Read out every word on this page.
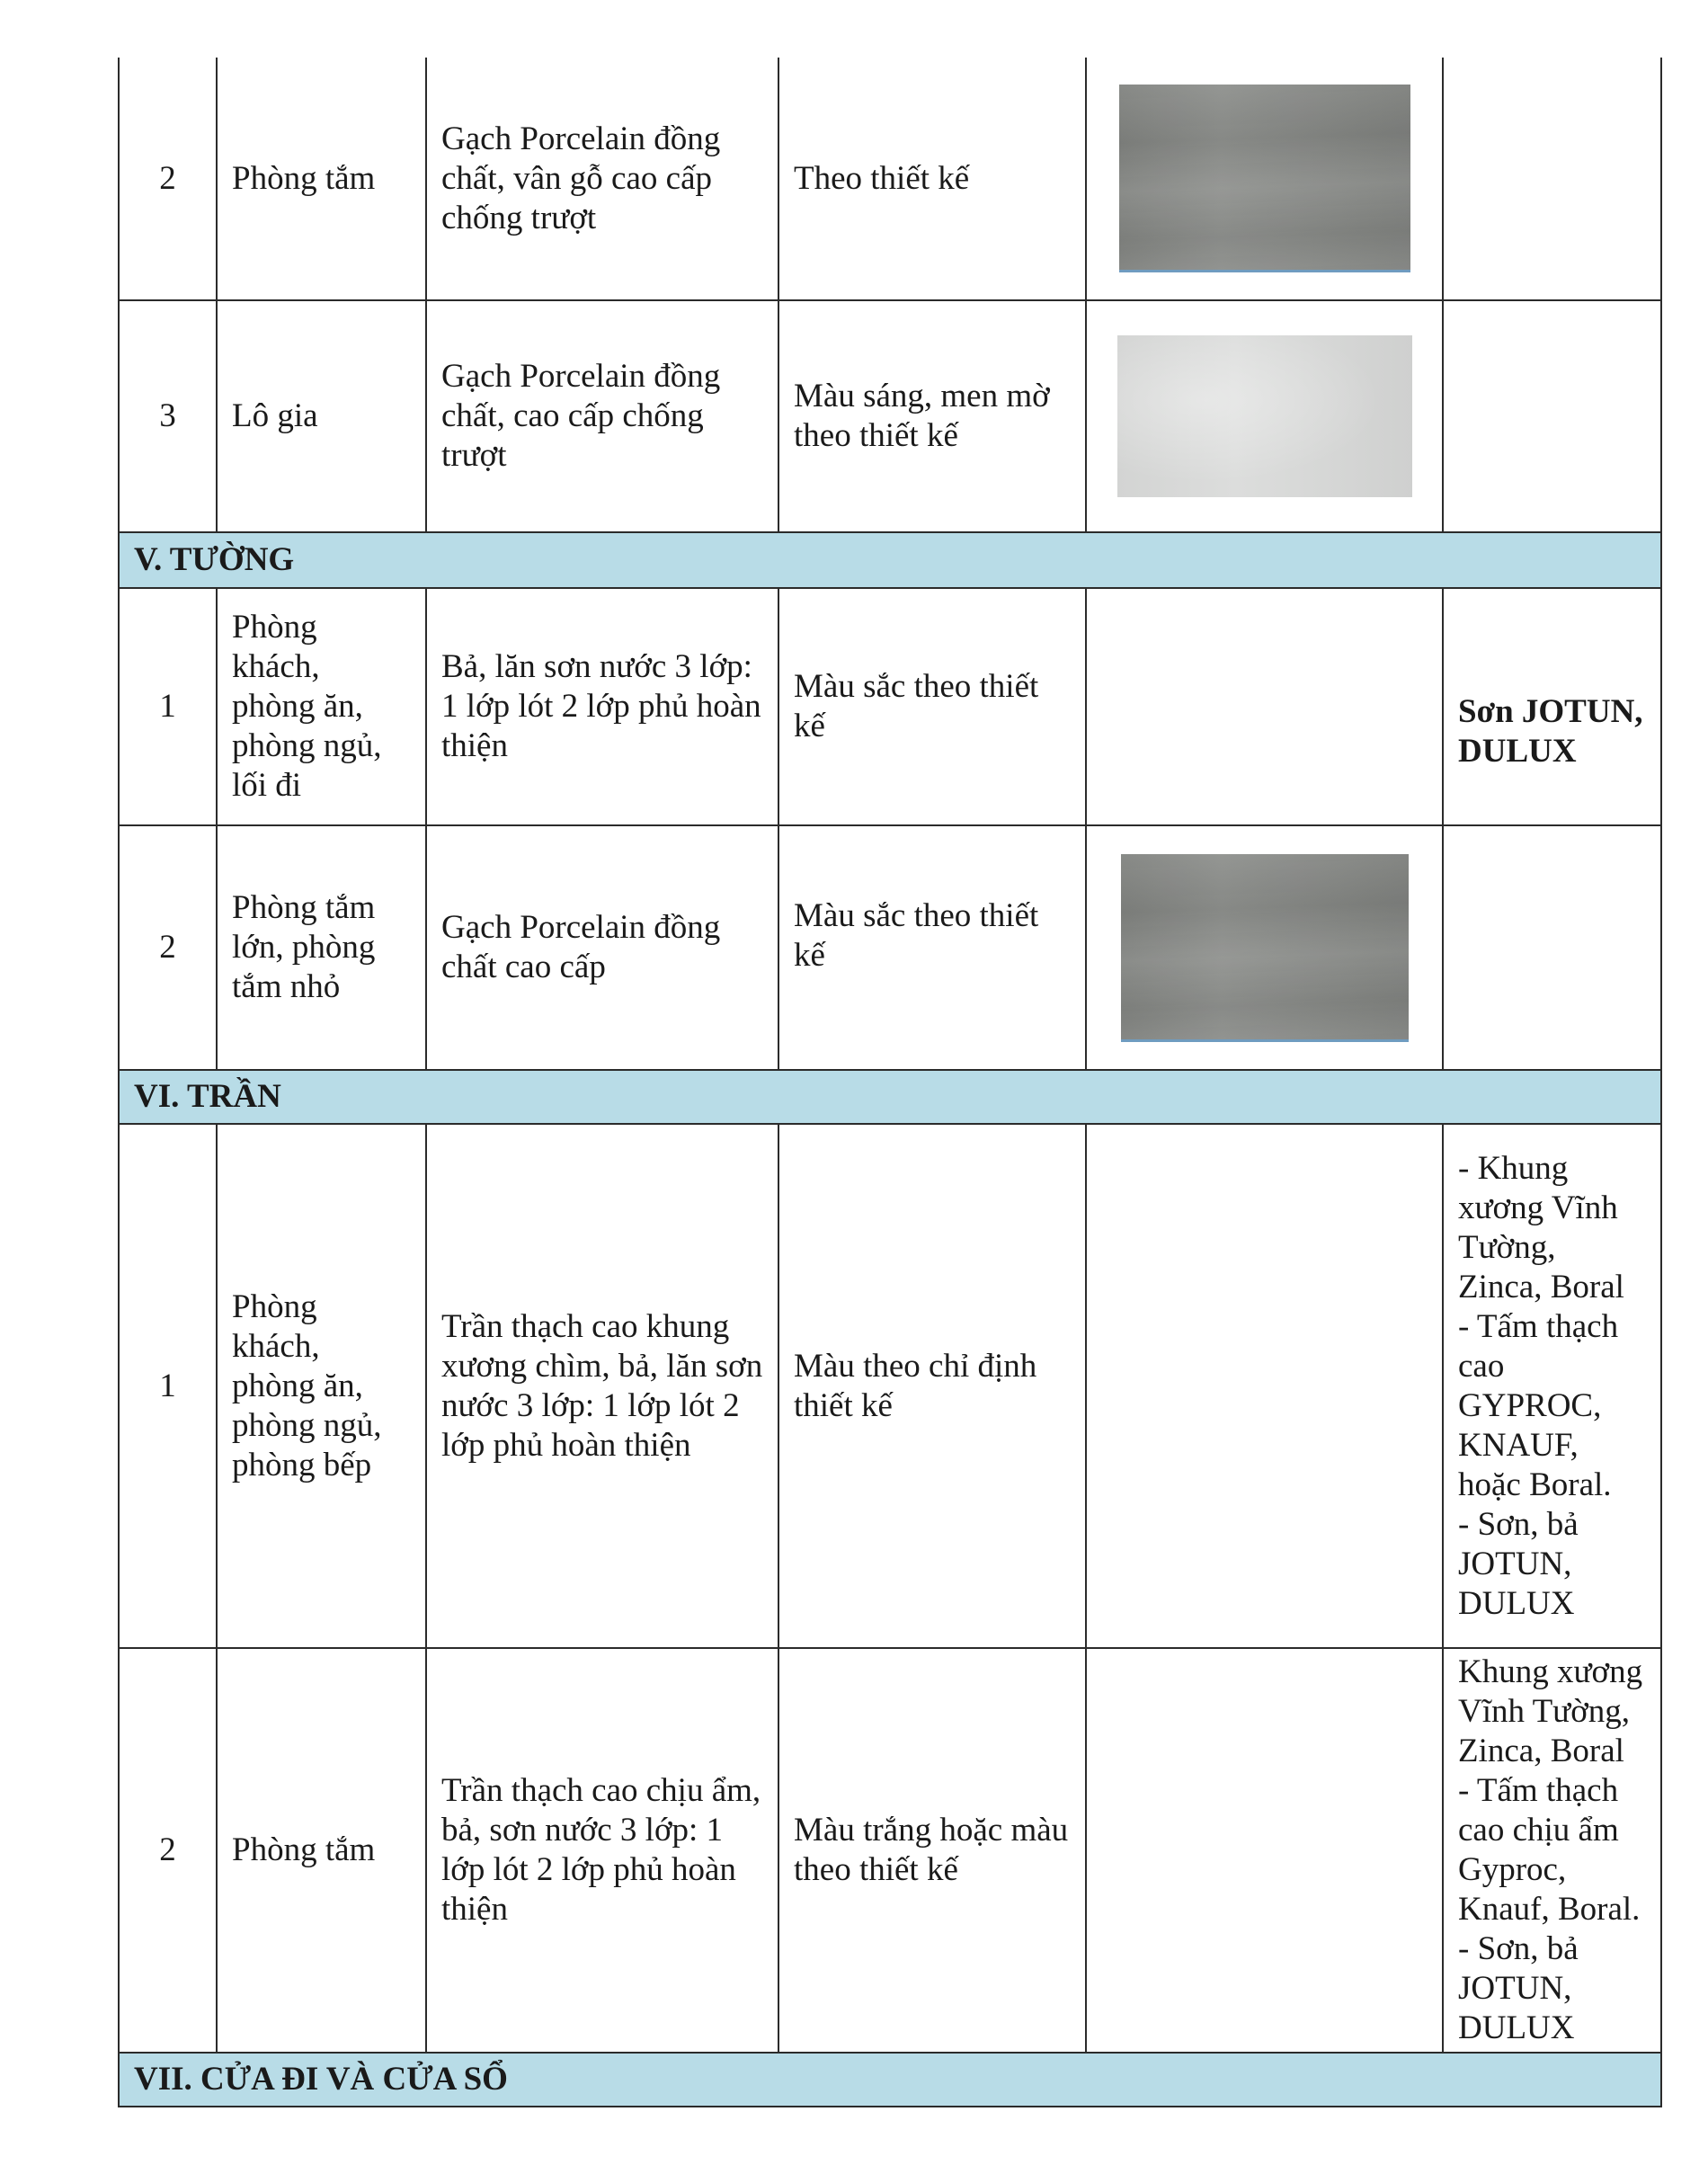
2	Phòng tắm	Gạch Porcelain đồng chất, vân gỗ cao cấp chống trượt	Theo thiết kế		
3	Lô gia	Gạch Porcelain đồng chất, cao cấp chống trượt	Màu sáng, men mờ theo thiết kế		
V. TƯỜNG					
1	Phòng khách, phòng ăn, phòng ngủ, lối đi	Bả, lăn sơn nước 3 lớp: 1 lớp lót 2 lớp phủ hoàn thiện	Màu sắc theo thiết kế		Sơn JOTUN, DULUX
2	Phòng tắm lớn, phòng tắm nhỏ	Gạch Porcelain đồng chất cao cấp	Màu sắc theo thiết kế		
VI. TRẦN					
1	Phòng khách, phòng ăn, phòng ngủ, phòng bếp	Trần thạch cao khung xương chìm, bả, lăn sơn nước 3 lớp: 1 lớp lót 2 lớp phủ hoàn thiện	Màu theo chỉ định thiết kế		- Khung xương Vĩnh Tường, Zinca, Boral
- Tấm thạch cao GYPROC, KNAUF, hoặc Boral.
- Sơn, bả JOTUN, DULUX
2	Phòng tắm	Trần thạch cao chịu ẩm, bả, sơn nước 3 lớp: 1 lớp lót 2 lớp phủ hoàn thiện	Màu trắng hoặc màu theo thiết kế		Khung xương Vĩnh Tường, Zinca, Boral
- Tấm thạch cao chịu ẩm Gyproc, Knauf, Boral.
- Sơn, bả JOTUN, DULUX
VII. CỬA ĐI VÀ CỬA SỔ					
